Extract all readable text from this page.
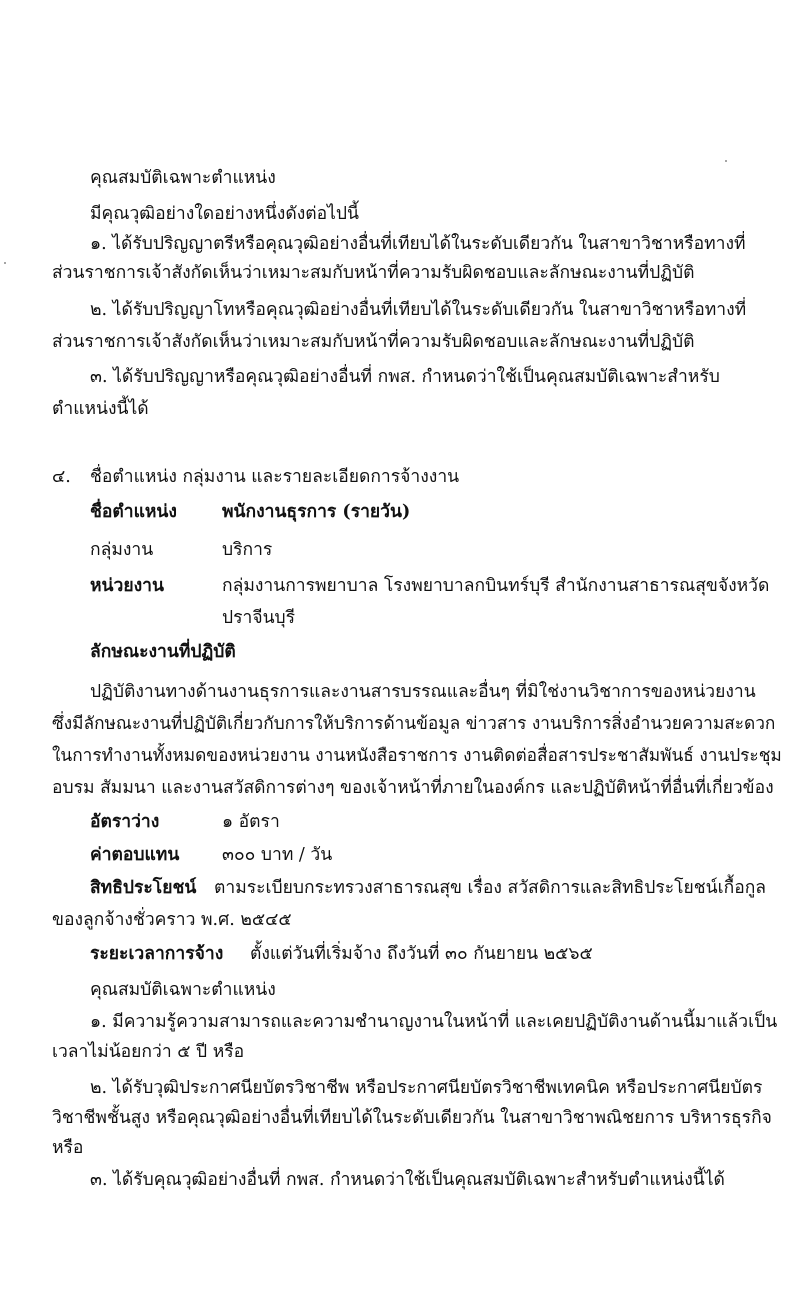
คุณสมบัติเฉพาะตำแหน่ง
มีคุณวุฒิอย่างใดอย่างหนึ่งดังต่อไปนี้
๑. ได้รับปริญญาตรีหรือคุณวุฒิอย่างอื่นที่เทียบได้ในระดับเดียวกัน ในสาขาวิชาหรือทางที่
ส่วนราชการเจ้าสังกัดเห็นว่าเหมาะสมกับหน้าที่ความรับผิดชอบและลักษณะงานที่ปฏิบัติ
๒. ได้รับปริญญาโทหรือคุณวุฒิอย่างอื่นที่เทียบได้ในระดับเดียวกัน ในสาขาวิชาหรือทางที่
ส่วนราชการเจ้าสังกัดเห็นว่าเหมาะสมกับหน้าที่ความรับผิดชอบและลักษณะงานที่ปฏิบัติ
๓. ได้รับปริญญาหรือคุณวุฒิอย่างอื่นที่ กพส. กำหนดว่าใช้เป็นคุณสมบัติเฉพาะสำหรับ
ตำแหน่งนี้ได้
๔. ชื่อตำแหน่ง กลุ่มงาน และรายละเอียดการจ้างงาน
ชื่อตำแหน่ง	พนักงานธุรการ (รายวัน)
กลุ่มงาน	บริการ
หน่วยงาน	กลุ่มงานการพยาบาล โรงพยาบาลกบินทร์บุรี สำนักงานสาธารณสุขจังหวัด
ปราจีนบุรี
ลักษณะงานที่ปฏิบัติ
ปฏิบัติงานทางด้านงานธุรการและงานสารบรรณและอื่นๆ ที่มิใช่งานวิชาการของหน่วยงาน
ซึ่งมีลักษณะงานที่ปฏิบัติเกี่ยวกับการให้บริการด้านข้อมูล ข่าวสาร งานบริการสิ่งอำนวยความสะดวก
ในการทำงานทั้งหมดของหน่วยงาน งานหนังสือราชการ งานติดต่อสื่อสารประชาสัมพันธ์ งานประชุม
อบรม สัมมนา และงานสวัสดิการต่างๆ ของเจ้าหน้าที่ภายในองค์กร และปฏิบัติหน้าที่อื่นที่เกี่ยวข้อง
อัตราว่าง	๑ อัตรา
ค่าตอบแทน ๓๐๐ บาท / วัน
สิทธิประโยชน์ ตามระเบียบกระทรวงสาธารณสุข เรื่อง สวัสดิการและสิทธิประโยชน์เกื้อกูล
ของลูกจ้างชั่วคราว พ.ศ. ๒๕๔๕
ระยะเวลาการจ้าง ตั้งแต่วันที่เริ่มจ้าง ถึงวันที่ ๓๐ กันยายน ๒๕๖๕
คุณสมบัติเฉพาะตำแหน่ง
๑. มีความรู้ความสามารถและความชำนาญงานในหน้าที่ และเคยปฏิบัติงานด้านนี้มาแล้วเป็น
เวลาไม่น้อยกว่า ๕ ปี หรือ
๒. ได้รับวุฒิประกาศนียบัตรวิชาชีพ หรือประกาศนียบัตรวิชาชีพเทคนิค หรือประกาศนียบัตร
วิชาชีพชั้นสูง หรือคุณวุฒิอย่างอื่นที่เทียบได้ในระดับเดียวกัน ในสาขาวิชาพณิชยการ บริหารธุรกิจ
หรือ
๓. ได้รับคุณวุฒิอย่างอื่นที่ กพส. กำหนดว่าใช้เป็นคุณสมบัติเฉพาะสำหรับตำแหน่งนี้ได้
